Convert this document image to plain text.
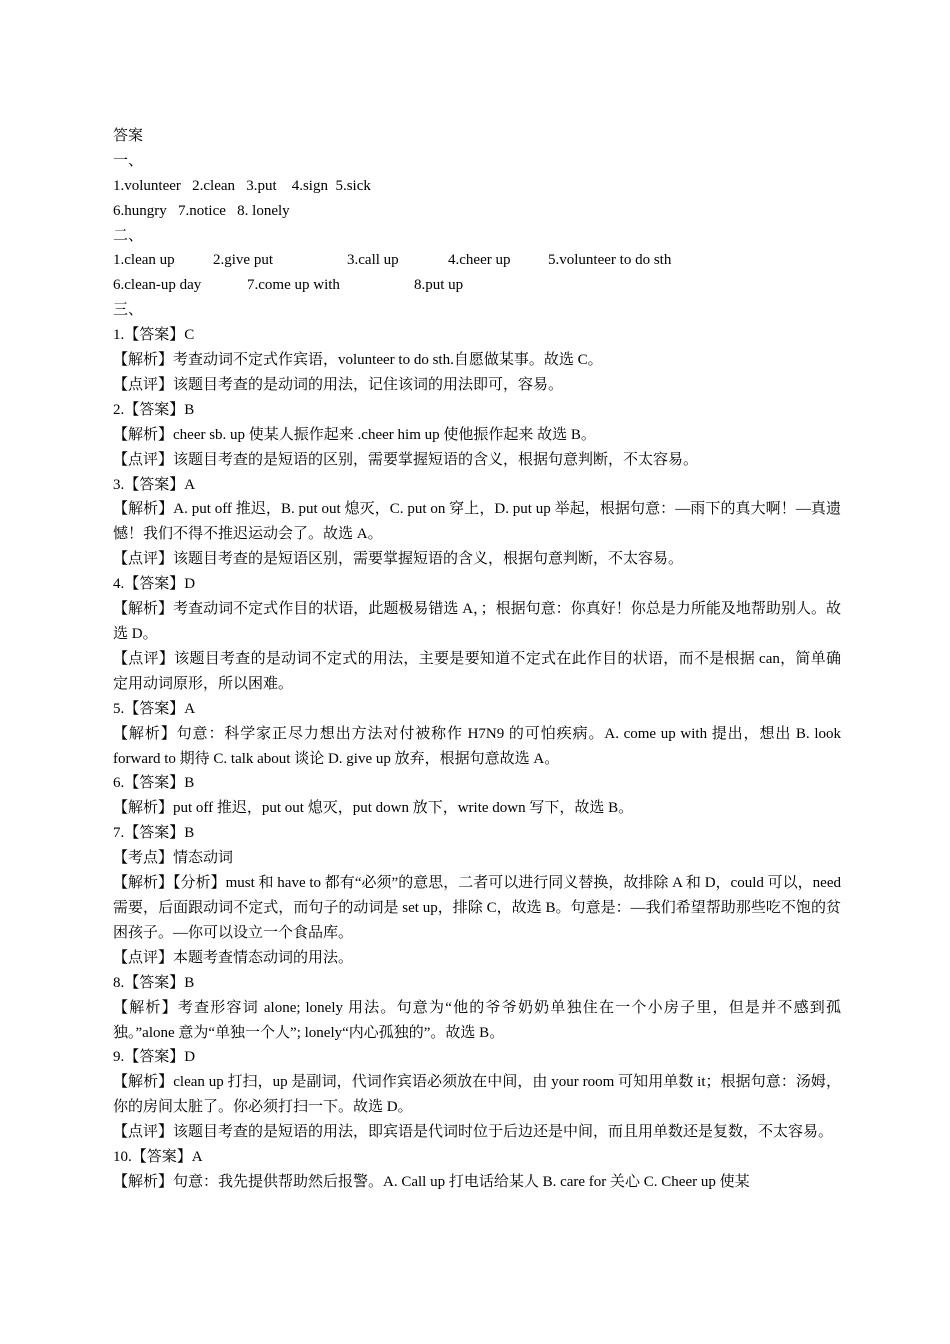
答案
一、
1.volunteer   2.clean   3.put    4.sign  5.sick
6.hungry   7.notice   8. lonely
二、
1.clean up	2.give put	3.call up	4.cheer up	5.volunteer to do sth
6.clean-up day	7.come up with	8.put up
三、
1.【答案】C
【解析】考查动词不定式作宾语，volunteer to do sth.自愿做某事。故选 C。
【点评】该题目考查的是动词的用法，记住该词的用法即可，容易。
2.【答案】B
【解析】cheer sb. up 使某人振作起来 .cheer him up 使他振作起来 故选 B。
【点评】该题目考查的是短语的区别，需要掌握短语的含义，根据句意判断，不太容易。
3.【答案】A
【解析】A. put off 推迟，B. put out 熄灭，C. put on 穿上，D. put up 举起，根据句意：—雨下的真大啊！—真遗憾！我们不得不推迟运动会了。故选 A。
【点评】该题目考查的是短语区别，需要掌握短语的含义，根据句意判断，不太容易。
4.【答案】D
【解析】考查动词不定式作目的状语，此题极易错选 A，；根据句意：你真好！你总是力所能及地帮助别人。故选 D。
【点评】该题目考查的是动词不定式的用法，主要是要知道不定式在此作目的状语，而不是根据 can，简单确定用动词原形，所以困难。
5.【答案】A
【解析】句意：科学家正尽力想出方法对付被称作 H7N9 的可怕疾病。A. come up with 提出，想出 B. look forward to 期待 C. talk about 谈论 D. give up 放弃，根据句意故选 A。
6.【答案】B
【解析】put off 推迟，put out 熄灭，put down 放下，write down 写下，故选 B。
7.【答案】B
【考点】情态动词
【解析】【分析】must 和 have to 都有“必须”的意思，二者可以进行同义替换，故排除 A 和 D，could 可以，need 需要，后面跟动词不定式，而句子的动词是 set up，排除 C，故选 B。句意是：—我们希望帮助那些吃不饱的贫困孩子。—你可以设立一个食品库。
【点评】本题考查情态动词的用法。
8.【答案】B
【解析】考查形容词 alone; lonely 用法。句意为“他的爷爷奶奶单独住在一个小房子里，但是并不感到孤独。”alone 意为“单独一个人”; lonely“内心孤独的”。故选 B。
9.【答案】D
【解析】clean up 打扫，up 是副词，代词作宾语必须放在中间，由 your room 可知用单数 it；根据句意：汤姆，你的房间太脏了。你必须打扫一下。故选 D。
【点评】该题目考查的是短语的用法，即宾语是代词时位于后边还是中间，而且用单数还是复数，不太容易。
10.【答案】A
【解析】句意：我先提供帮助然后报警。A. Call up 打电话给某人 B. care for 关心 C. Cheer up 使某
